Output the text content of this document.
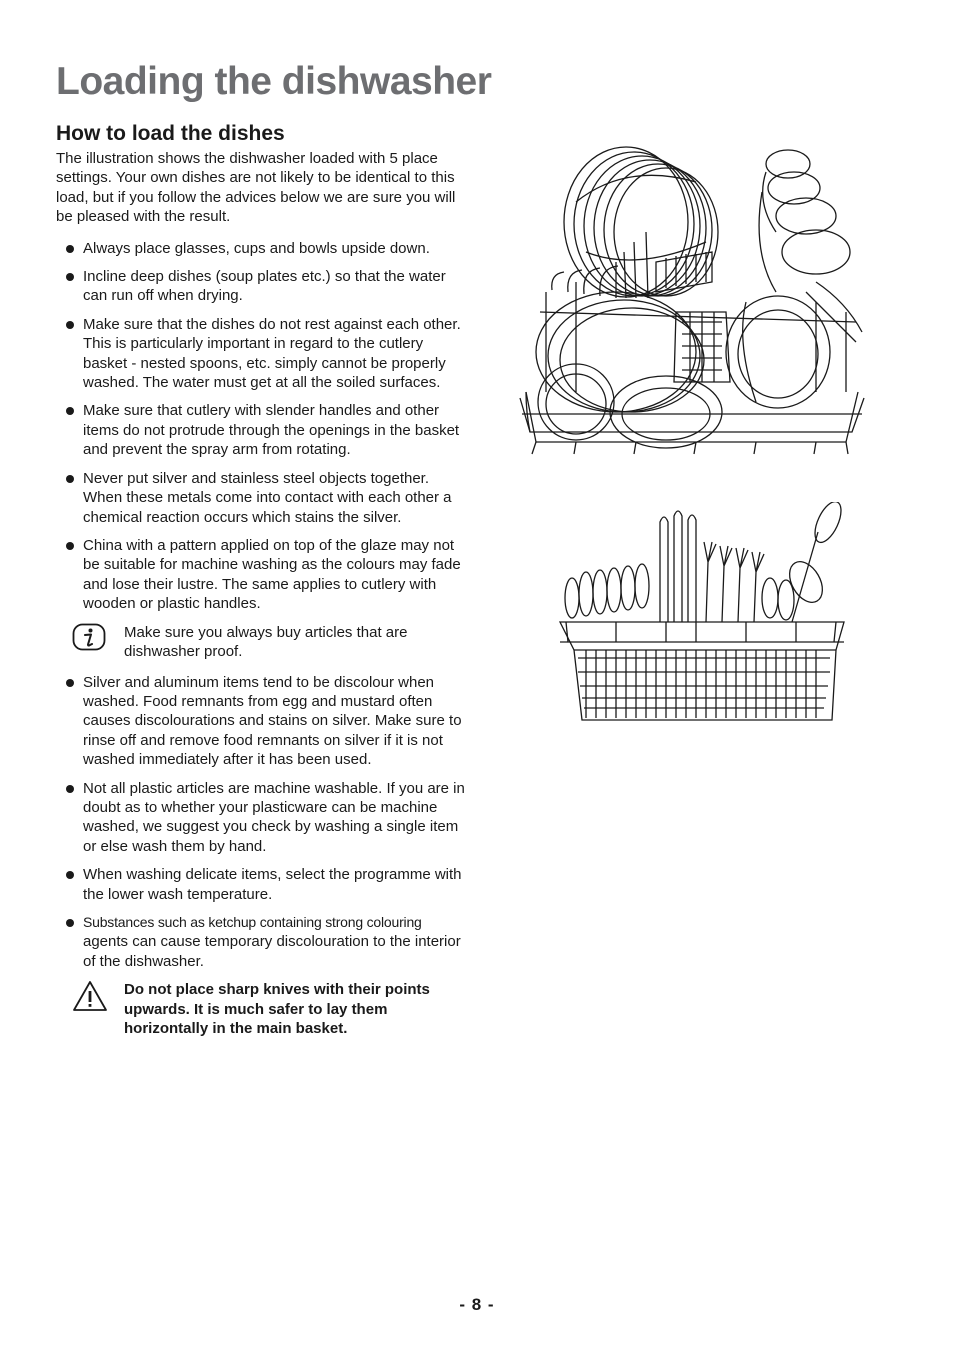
Loading the dishwasher
How to load the dishes

The illustration shows the dishwasher loaded with 5 place settings. Your own dishes are not likely to be identical to this load, but if you follow the advices below we are sure you will be pleased with the result.

Always place glasses, cups and bowls upside down.
Incline deep dishes (soup plates etc.) so that the water can run off when drying.
Make sure that the dishes do not rest against each other. This is particularly important in regard to the cutlery basket - nested spoons, etc. simply cannot be properly washed. The water must get at all the soiled surfaces.
Make sure that cutlery with slender handles and other items do not protrude through the openings in the basket and prevent the spray arm from rotating.
Never put silver and stainless steel objects together. When these metals come into contact with each other a chemical reaction occurs which stains the silver.
China with a pattern applied on top of the glaze may not be suitable for machine washing as the colours may fade and lose their lustre. The same applies to cutlery with wooden or plastic handles.
Make sure you always buy articles that are dishwasher proof.
Silver and aluminum items tend to be discolour when washed. Food remnants from egg and mustard often causes discolourations and stains on silver. Make sure to rinse off and remove food remnants on silver if it is not washed immediately after it has been used.
Not all plastic articles are machine washable. If you are in doubt as to whether your plasticware can be machine washed, we suggest you check by washing a single item or else wash them by hand.
When washing delicate items, select the programme with the lower wash temperature.
Substances such as ketchup containing strong colouring
agents can cause temporary discolouration to the interior of the dishwasher.
Do not place sharp knives with their points upwards. It is much safer to lay them horizontally in the main basket.
- 8 -
